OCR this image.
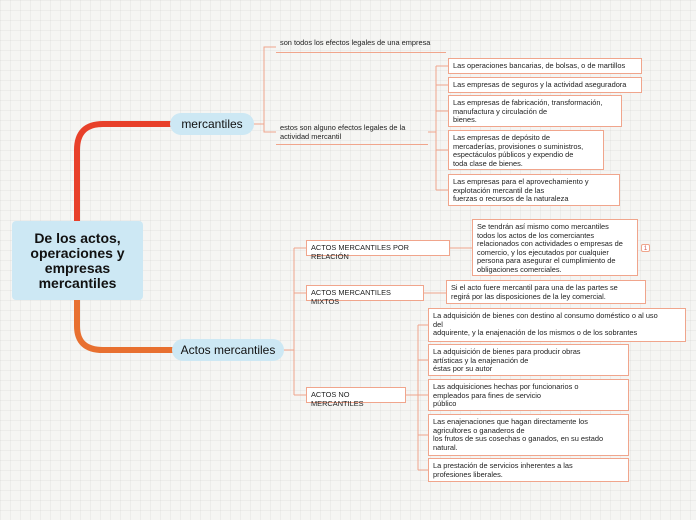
De los actos, operaciones y empresas mercantiles
mercantiles
son todos los efectos legales de una empresa
estos son alguno efectos legales de la
actividad mercantil
Las operaciones bancarias, de bolsas, o de martillos
Las empresas de seguros y la actividad aseguradora
Las empresas de fabricación, transformación,
manufactura y circulación de
bienes.
Las empresas de depósito de
mercaderías, provisiones o suministros,
espectáculos públicos y expendio de
toda clase de bienes.
Las empresas para el aprovechamiento y
explotación mercantil de las
fuerzas o recursos de la naturaleza
Actos mercantiles
ACTOS MERCANTILES POR RELACIÓN
Se tendrán así mismo como mercantiles
todos los actos de los comerciantes
relacionados con actividades o empresas de
comercio, y los ejecutados por cualquier
persona para asegurar el cumplimiento de
obligaciones comerciales.
1
ACTOS MERCANTILES MIXTOS
Si el acto fuere mercantil para una de las partes se
regirá por las disposiciones de la ley comercial.
ACTOS NO MERCANTILES
La adquisición de bienes con destino al consumo doméstico o al uso
del
adquirente, y la enajenación de los mismos o de los sobrantes
La adquisición de bienes para producir obras
artísticas y la enajenación de
éstas por su autor
Las adquisiciones hechas por funcionarios o
empleados para fines de servicio
público
Las enajenaciones que hagan directamente los
agricultores o ganaderos de
los frutos de sus cosechas o ganados, en su estado
natural.
La prestación de servicios inherentes a las
profesiones liberales.
